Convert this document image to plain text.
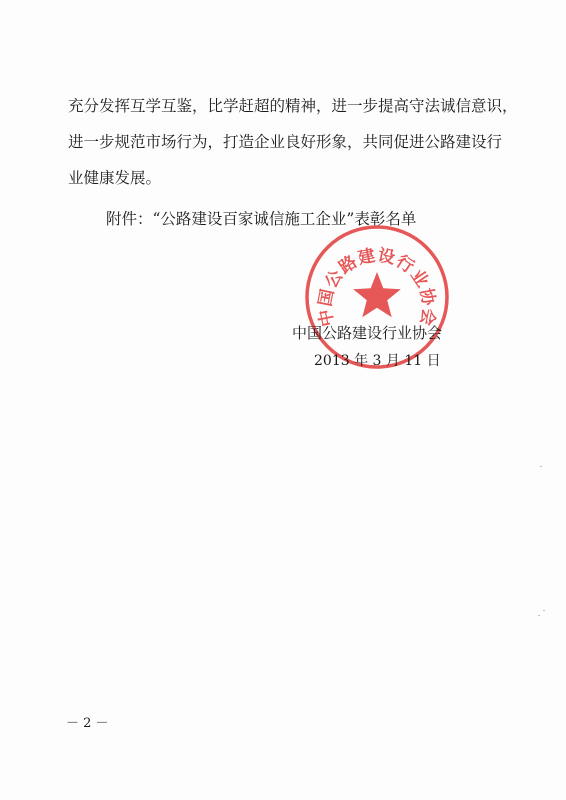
充分发挥互学互鉴，比学赶超的精神，进一步提高守法诚信意识，
进一步规范市场行为，打造企业良好形象，共同促进公路建设行
业健康发展。
附件：“公路建设百家诚信施工企业”表彰名单
中国公路建设行业协会
中国公路建设行业协会
2013 年 3 月 11 日
－ 2 －
